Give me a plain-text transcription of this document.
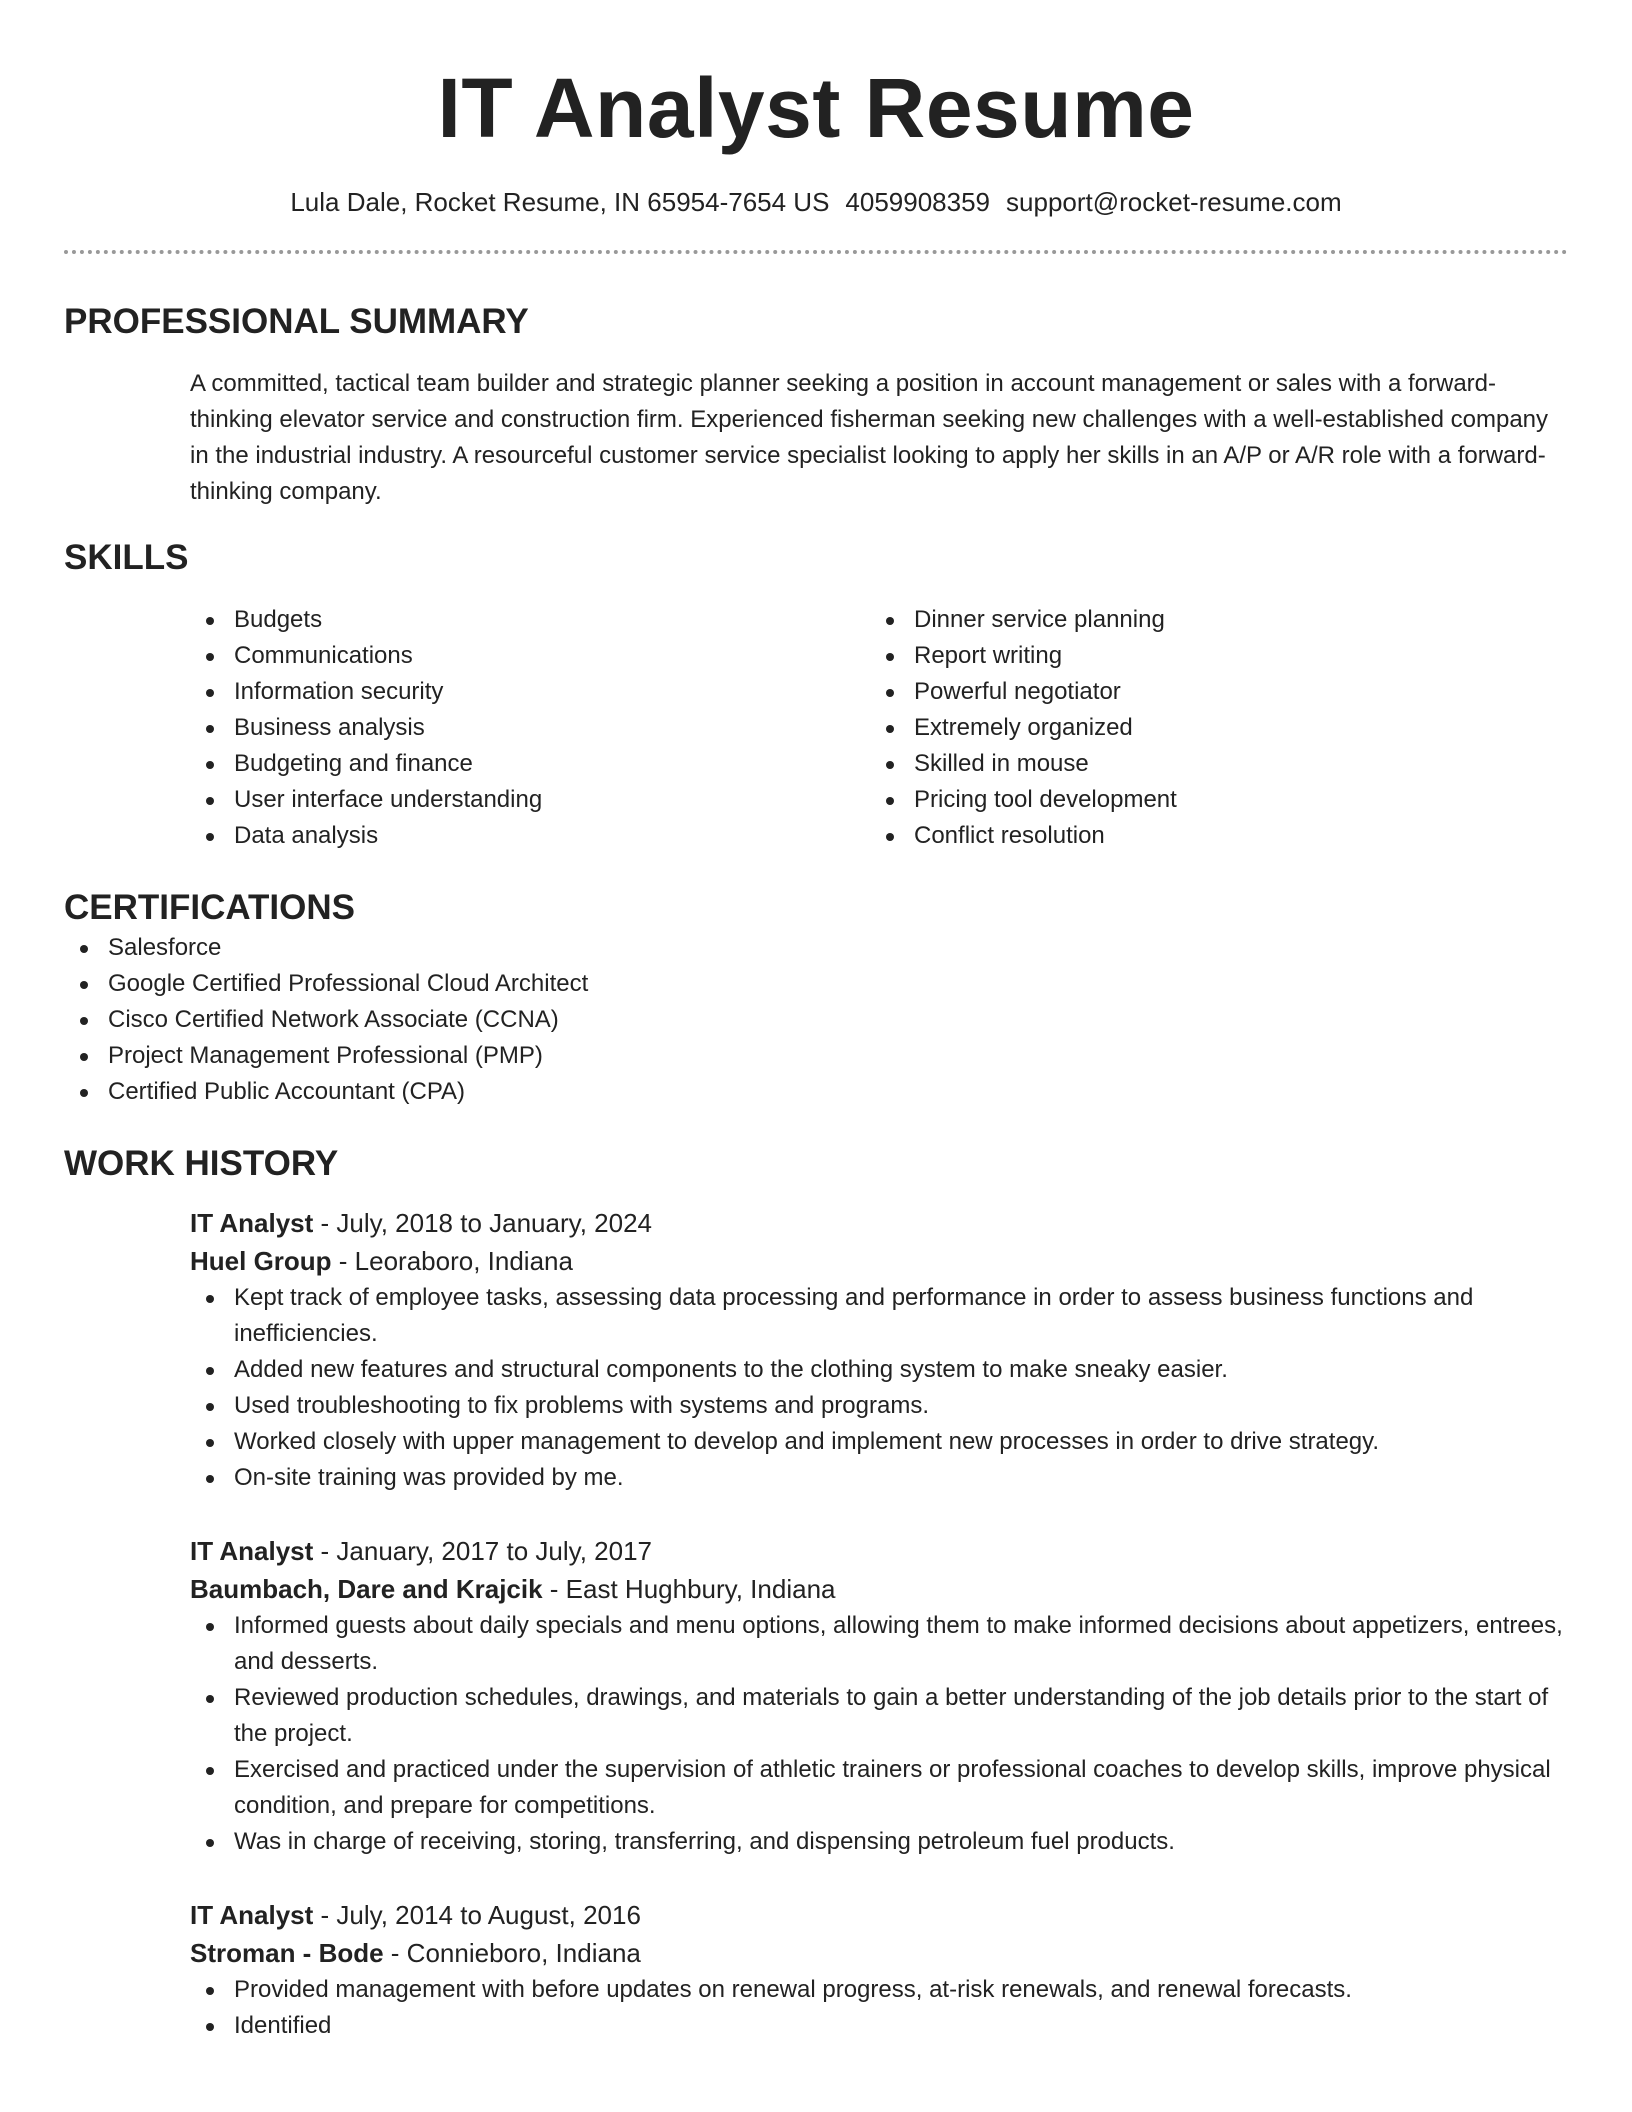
IT Analyst Resume
Lula Dale, Rocket Resume, IN 65954-7654 US 4059908359 support@rocket-resume.com
PROFESSIONAL SUMMARY

A committed, tactical team builder and strategic planner seeking a position in account management or sales with a forward-thinking elevator service and construction firm. Experienced fisherman seeking new challenges with a well-established company in the industrial industry. A resourceful customer service specialist looking to apply her skills in an A/P or A/R role with a forward-thinking company.

SKILLS
Budgets
Communications
Information security
Business analysis
Budgeting and finance
User interface understanding
Data analysis
Dinner service planning
Report writing
Powerful negotiator
Extremely organized
Skilled in mouse
Pricing tool development
Conflict resolution
CERTIFICATIONS
Salesforce
Google Certified Professional Cloud Architect
Cisco Certified Network Associate (CCNA)
Project Management Professional (PMP)
Certified Public Accountant (CPA)
WORK HISTORY
IT Analyst - July, 2018 to January, 2024
Huel Group - Leoraboro, Indiana
Kept track of employee tasks, assessing data processing and performance in order to assess business functions and inefficiencies.
Added new features and structural components to the clothing system to make sneaky easier.
Used troubleshooting to fix problems with systems and programs.
Worked closely with upper management to develop and implement new processes in order to drive strategy.
On-site training was provided by me.
IT Analyst - January, 2017 to July, 2017
Baumbach, Dare and Krajcik - East Hughbury, Indiana
Informed guests about daily specials and menu options, allowing them to make informed decisions about appetizers, entrees, and desserts.
Reviewed production schedules, drawings, and materials to gain a better understanding of the job details prior to the start of the project.
Exercised and practiced under the supervision of athletic trainers or professional coaches to develop skills, improve physical condition, and prepare for competitions.
Was in charge of receiving, storing, transferring, and dispensing petroleum fuel products.
IT Analyst - July, 2014 to August, 2016
Stroman - Bode - Connieboro, Indiana
Provided management with before updates on renewal progress, at-risk renewals, and renewal forecasts.
Identified
